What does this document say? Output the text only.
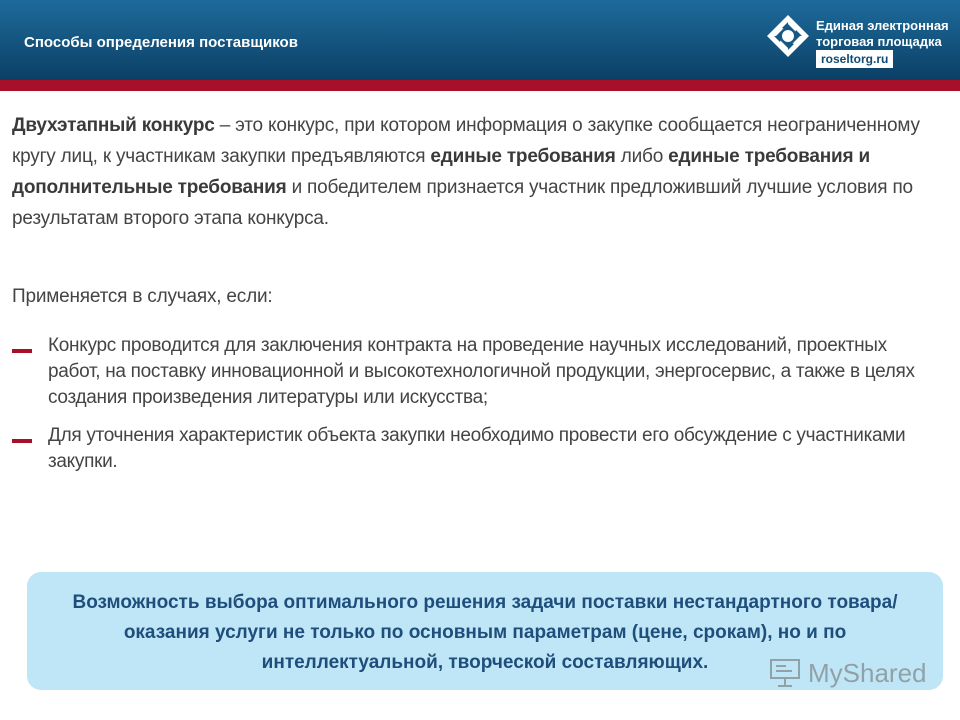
Способы определения поставщиков
Единая электронная
торговая площадка
roseltorg.ru

Двухэтапный конкурс – это конкурс, при котором информация о закупке сообщается неограниченному кругу лиц, к участникам закупки предъявляются единые требования либо единые требования и дополнительные требования и победителем признается участник предложивший лучшие условия по результатам второго этапа конкурса.

Применяется в случаях, если:
Конкурс проводится для заключения контракта на проведение научных исследований, проектных работ, на поставку инновационной и высокотехнологичной продукции, энергосервис, а также в целях создания произведения литературы или искусства;
Для уточнения характеристик объекта закупки необходимо провести его обсуждение с участниками закупки.
Возможность выбора оптимального решения задачи поставки нестандартного товара/оказания услуги не только по основным параметрам (цене, срокам), но и по интеллектуальной, творческой составляющих.	MyShared
